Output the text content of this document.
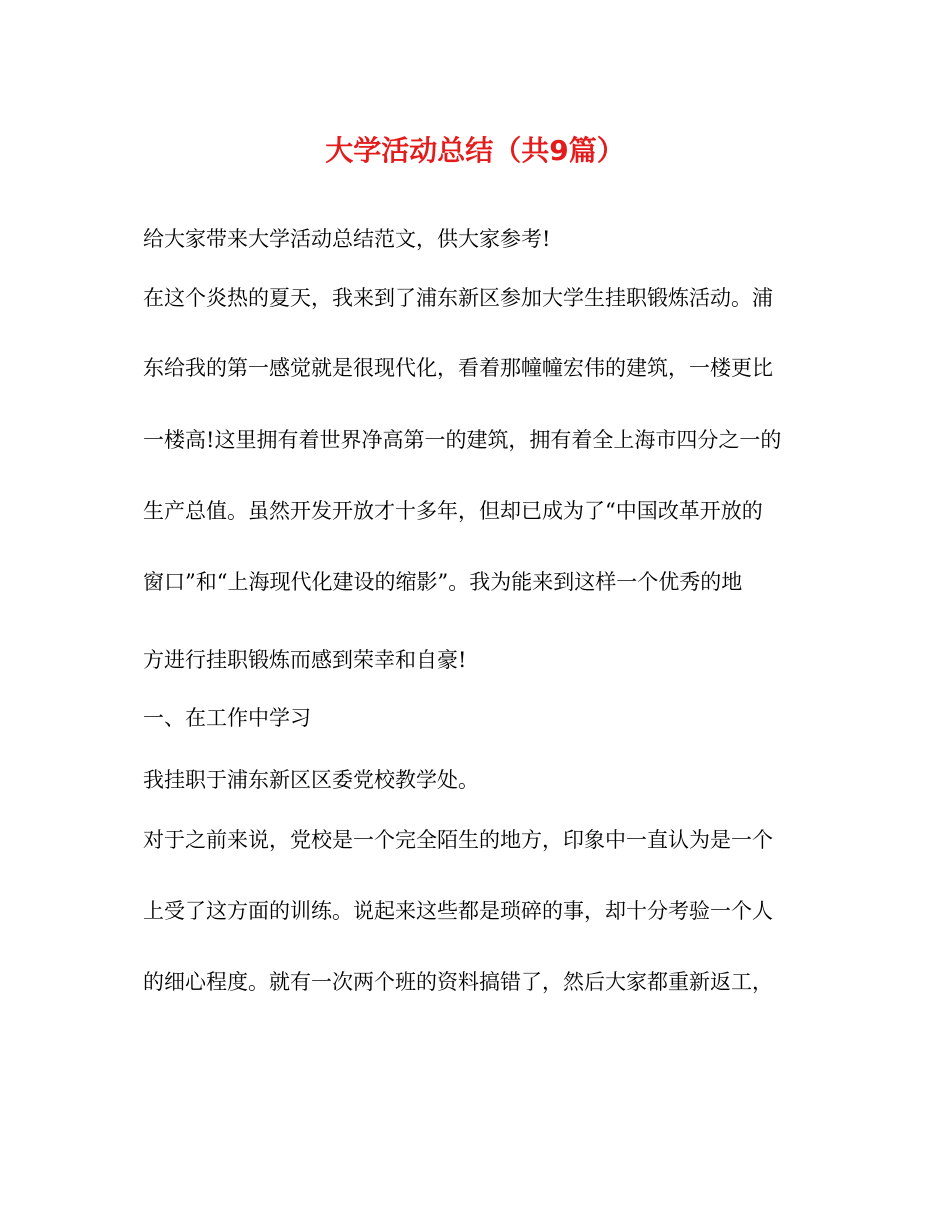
大学活动总结（共9篇）

给大家带来大学活动总结范文，供大家参考!

在这个炎热的夏天，我来到了浦东新区参加大学生挂职锻炼活动。浦

东给我的第一感觉就是很现代化，看着那幢幢宏伟的建筑，一楼更比

一楼高!这里拥有着世界净高第一的建筑，拥有着全上海市四分之一的

生产总值。虽然开发开放才十多年，但却已成为了“中国改革开放的

窗口”和“上海现代化建设的缩影”。我为能来到这样一个优秀的地

方进行挂职锻炼而感到荣幸和自豪!

一、在工作中学习

我挂职于浦东新区区委党校教学处。

对于之前来说，党校是一个完全陌生的地方，印象中一直认为是一个

上受了这方面的训练。说起来这些都是琐碎的事，却十分考验一个人

的细心程度。就有一次两个班的资料搞错了，然后大家都重新返工，
